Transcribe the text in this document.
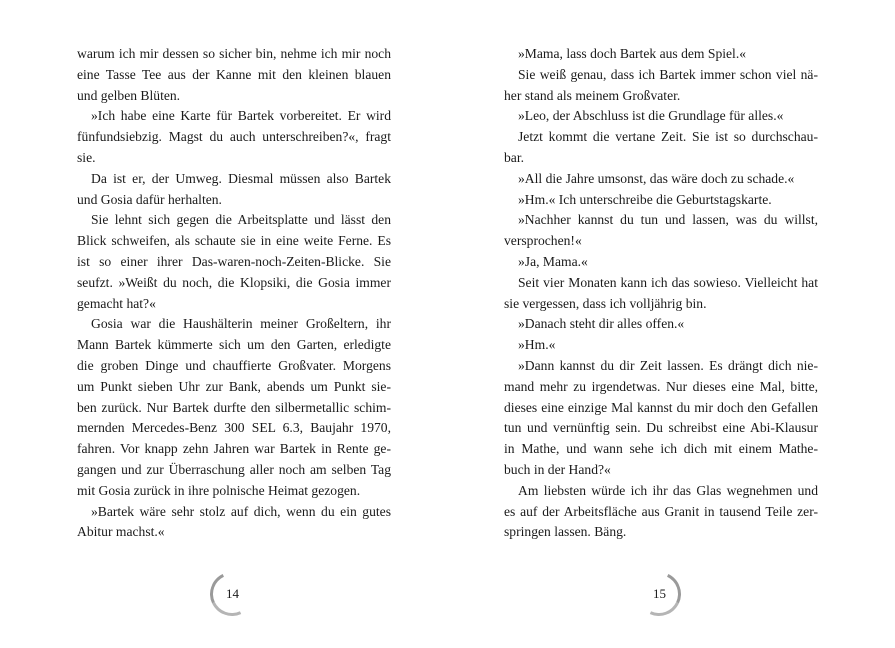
warum ich mir dessen so sicher bin, nehme ich mir noch
eine Tasse Tee aus der Kanne mit den kleinen blauen
und gelben Blüten.
»Ich habe eine Karte für Bartek vorbereitet. Er wird
fünfundsiebzig. Magst du auch unterschreiben?«, fragt
sie.
Da ist er, der Umweg. Diesmal müssen also Bartek
und Gosia dafür herhalten.
Sie lehnt sich gegen die Arbeitsplatte und lässt den
Blick schweifen, als schaute sie in eine weite Ferne. Es
ist so einer ihrer Das-waren-noch-Zeiten-Blicke. Sie
seufzt. »Weißt du noch, die Klopsiki, die Gosia immer
gemacht hat?«
Gosia war die Haushälterin meiner Großeltern, ihr
Mann Bartek kümmerte sich um den Garten, erledigte
die groben Dinge und chauffierte Großvater. Morgens
um Punkt sieben Uhr zur Bank, abends um Punkt sie-
ben zurück. Nur Bartek durfte den silbermetallic schim-
mernden Mercedes-Benz 300 SEL 6.3, Baujahr 1970,
fahren. Vor knapp zehn Jahren war Bartek in Rente ge-
gangen und zur Überraschung aller noch am selben Tag
mit Gosia zurück in ihre polnische Heimat gezogen.
»Bartek wäre sehr stolz auf dich, wenn du ein gutes
Abitur machst.«
»Mama, lass doch Bartek aus dem Spiel.«
Sie weiß genau, dass ich Bartek immer schon viel nä-
her stand als meinem Großvater.
»Leo, der Abschluss ist die Grundlage für alles.«
Jetzt kommt die vertane Zeit. Sie ist so durchschau-
bar.
»All die Jahre umsonst, das wäre doch zu schade.«
»Hm.« Ich unterschreibe die Geburtstagskarte.
»Nachher kannst du tun und lassen, was du willst,
versprochen!«
»Ja, Mama.«
Seit vier Monaten kann ich das sowieso. Vielleicht hat
sie vergessen, dass ich volljährig bin.
»Danach steht dir alles offen.«
»Hm.«
»Dann kannst du dir Zeit lassen. Es drängt dich nie-
mand mehr zu irgendetwas. Nur dieses eine Mal, bitte,
dieses eine einzige Mal kannst du mir doch den Gefallen
tun und vernünftig sein. Du schreibst eine Abi-Klausur
in Mathe, und wann sehe ich dich mit einem Mathe-
buch in der Hand?«
Am liebsten würde ich ihr das Glas wegnehmen und
es auf der Arbeitsfläche aus Granit in tausend Teile zer-
springen lassen. Bäng.
14	15
